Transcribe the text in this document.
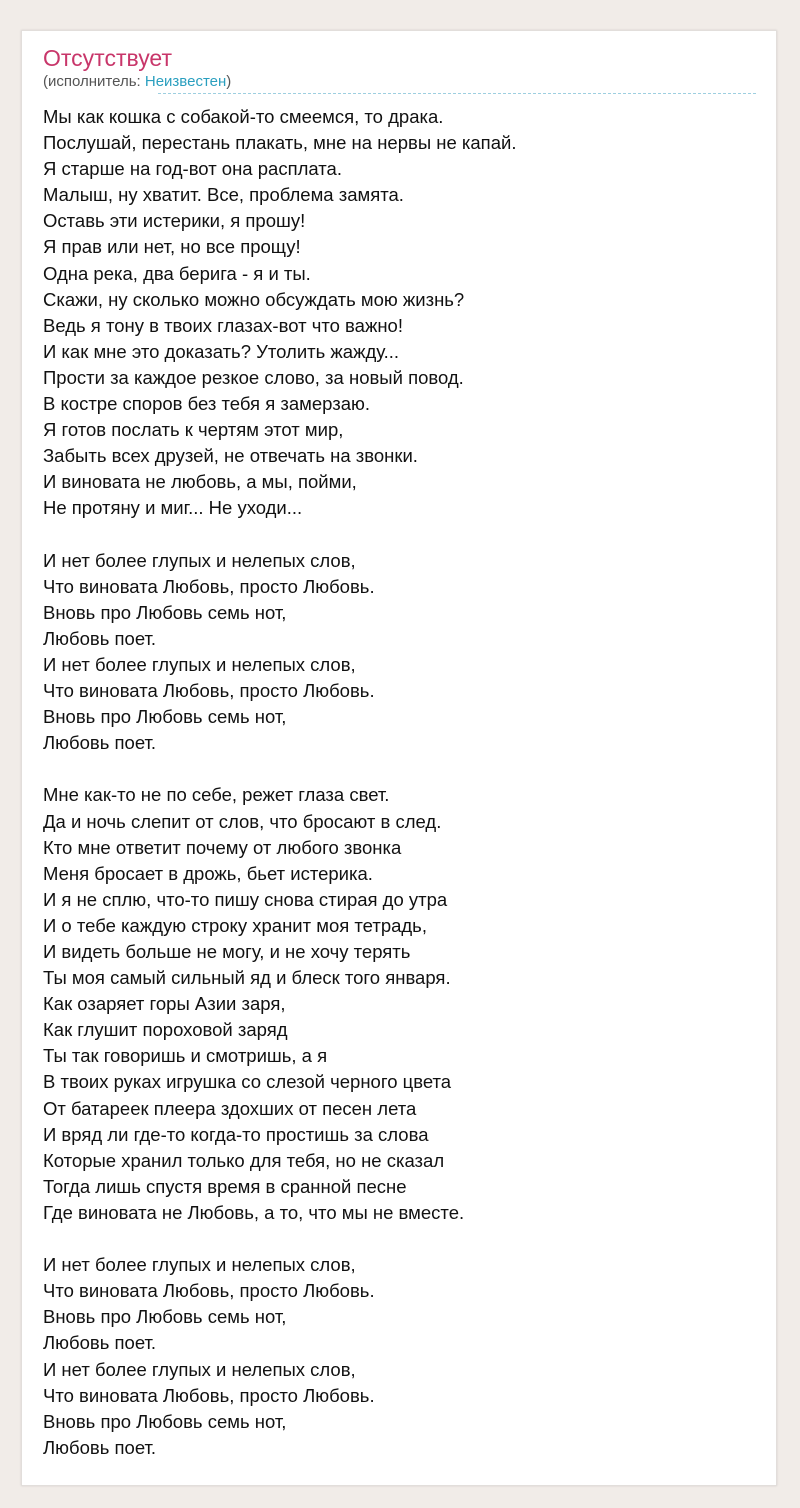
Отсутствует
(исполнитель: Неизвестен)
Мы как кошка с собакой-то смеемся, то драка.
Послушай, перестань плакать, мне на нервы не капай.
Я старше на год-вот она расплата.
Малыш, ну хватит. Все, проблема замята.
Оставь эти истерики, я прошу!
Я прав или нет, но все прощу!
Одна река, два берига - я и ты.
Скажи, ну сколько можно обсуждать мою жизнь?
Ведь я тону в твоих глазах-вот что важно!
И как мне это доказать? Утолить жажду...
Прости за каждое резкое слово, за новый повод.
В костре споров без тебя я замерзаю.
Я готов послать к чертям этот мир,
Забыть всех друзей, не отвечать на звонки.
И виновата не любовь, а мы, пойми,
Не протяну и миг... Не уходи...
И нет более глупых и нелепых слов,
Что виновата Любовь, просто Любовь.
Вновь про Любовь семь нот,
Любовь поет.
И нет более глупых и нелепых слов,
Что виновата Любовь, просто Любовь.
Вновь про Любовь семь нот,
Любовь поет.
Мне как-то не по себе, режет глаза свет.
Да и ночь слепит от слов, что бросают в след.
Кто мне ответит почему от любого звонка
Меня бросает в дрожь, бьет истерика.
И я не сплю, что-то пишу снова стирая до утра
И о тебе каждую строку хранит моя тетрадь,
И видеть больше не могу, и не хочу терять
Ты моя самый сильный яд и блеск того января.
Как озаряет горы Азии заря,
Как глушит пороховой заряд
Ты так говоришь и смотришь, а я
В твоих руках игрушка со слезой черного цвета
От батареек плеера здохших от песен лета
И вряд ли где-то когда-то простишь за слова
Которые хранил только для тебя, но не сказал
Тогда лишь спустя время в сранной песне
Где виновата не Любовь, а то, что мы не вместе.
И нет более глупых и нелепых слов,
Что виновата Любовь, просто Любовь.
Вновь про Любовь семь нот,
Любовь поет.
И нет более глупых и нелепых слов,
Что виновата Любовь, просто Любовь.
Вновь про Любовь семь нот,
Любовь поет.
